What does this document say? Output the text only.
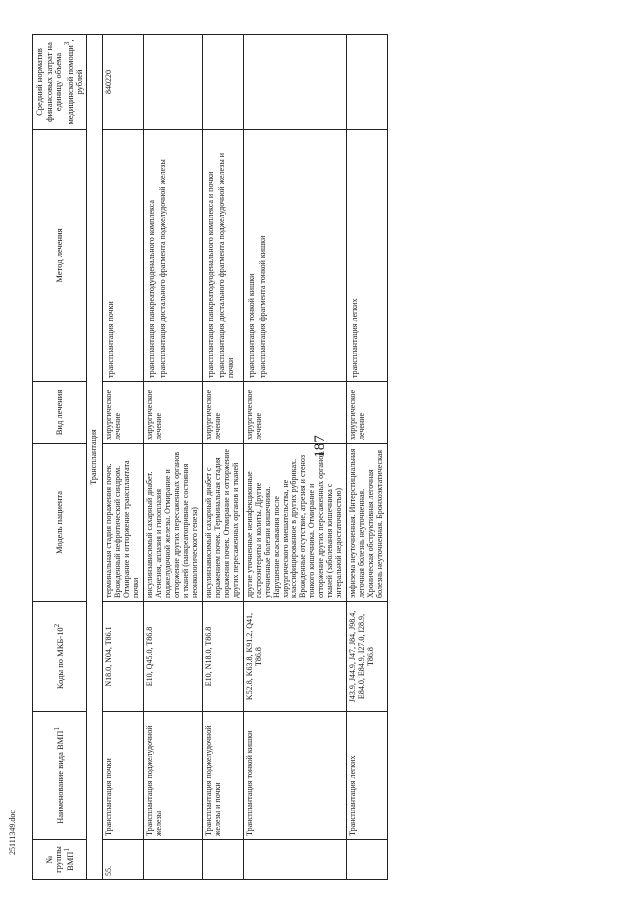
187
25111349.doc
№ группы ВМП$^1$	Наименование вида ВМП$^1$	Коды по МКБ-$10^2$	Модель пациента	Вид лечения	Метод лечения	Средний норматив финансовых затрат на единицу объема медицинской помощи$^3$, рублей
Трансплантация						
55.	Трансплантация почки	N18.0, N04, T86.1	терминальная стадия поражения почек. Врожденный нефротический синдром. Отмирание и отторжение трансплантата почки	хирургическое лечение	трансплантация почки	840220
	Трансплантация поджелудочной железы	E10, Q45.0, T86.8	инсулинзависимый сахарный диабет. Агенезия, аплазия и гипоплазия поджелудочной железы. Отмирание и отторжение других пересаженных органов и тканей (панкреатопривные состояния неонкологического генеза)	хирургическое лечение	трансплантация панкреатодуоденального комплекса трансплантация дистального фрагмента поджелудочной железы	

	Трансплантация поджелудочной железы и почки	E10, N18.0, T86.8	инсулинзависимый сахарный диабет с поражением почек. Терминальная стадия поражения почек. Отмирание и отторжение других пересаженных органов и тканей	хирургическое лечение	трансплантация панкреатодуоденального комплекса и почки трансплантация дистального фрагмента поджелудочной железы и почки	

	Трансплантация тонкой кишки	K52.8, K63.8, K91.2, Q41, T86.8	другие уточненные неинфекционные гастроэнтериты и колиты. Другие уточненные болезни кишечника. Нарушение всасывания после хирургического вмешательства, не классифицированное в других рубриках. Врожденные отсутствие, атрезия и стеноз тонкого кишечника. Отмирание и отторжение других пересаженных органов тканей (заболевания кишечника с энтеральной недостаточностью)	хирургическое лечение	трансплантация тонкой кишки трансплантация фрагмента тонкой кишки	

	Трансплантация легких	J43.9, J44.9, J47, J84, J98.4, E84.0, E84.9, I27.0, I28.9, T86.8	эмфизема неуточненная. Интерстициальная легочная болезнь неуточненная. Хроническая обструктивная легочная болезнь неуточненная. Бронхоэктатическая	хирургическое лечение	трансплантация легких	
